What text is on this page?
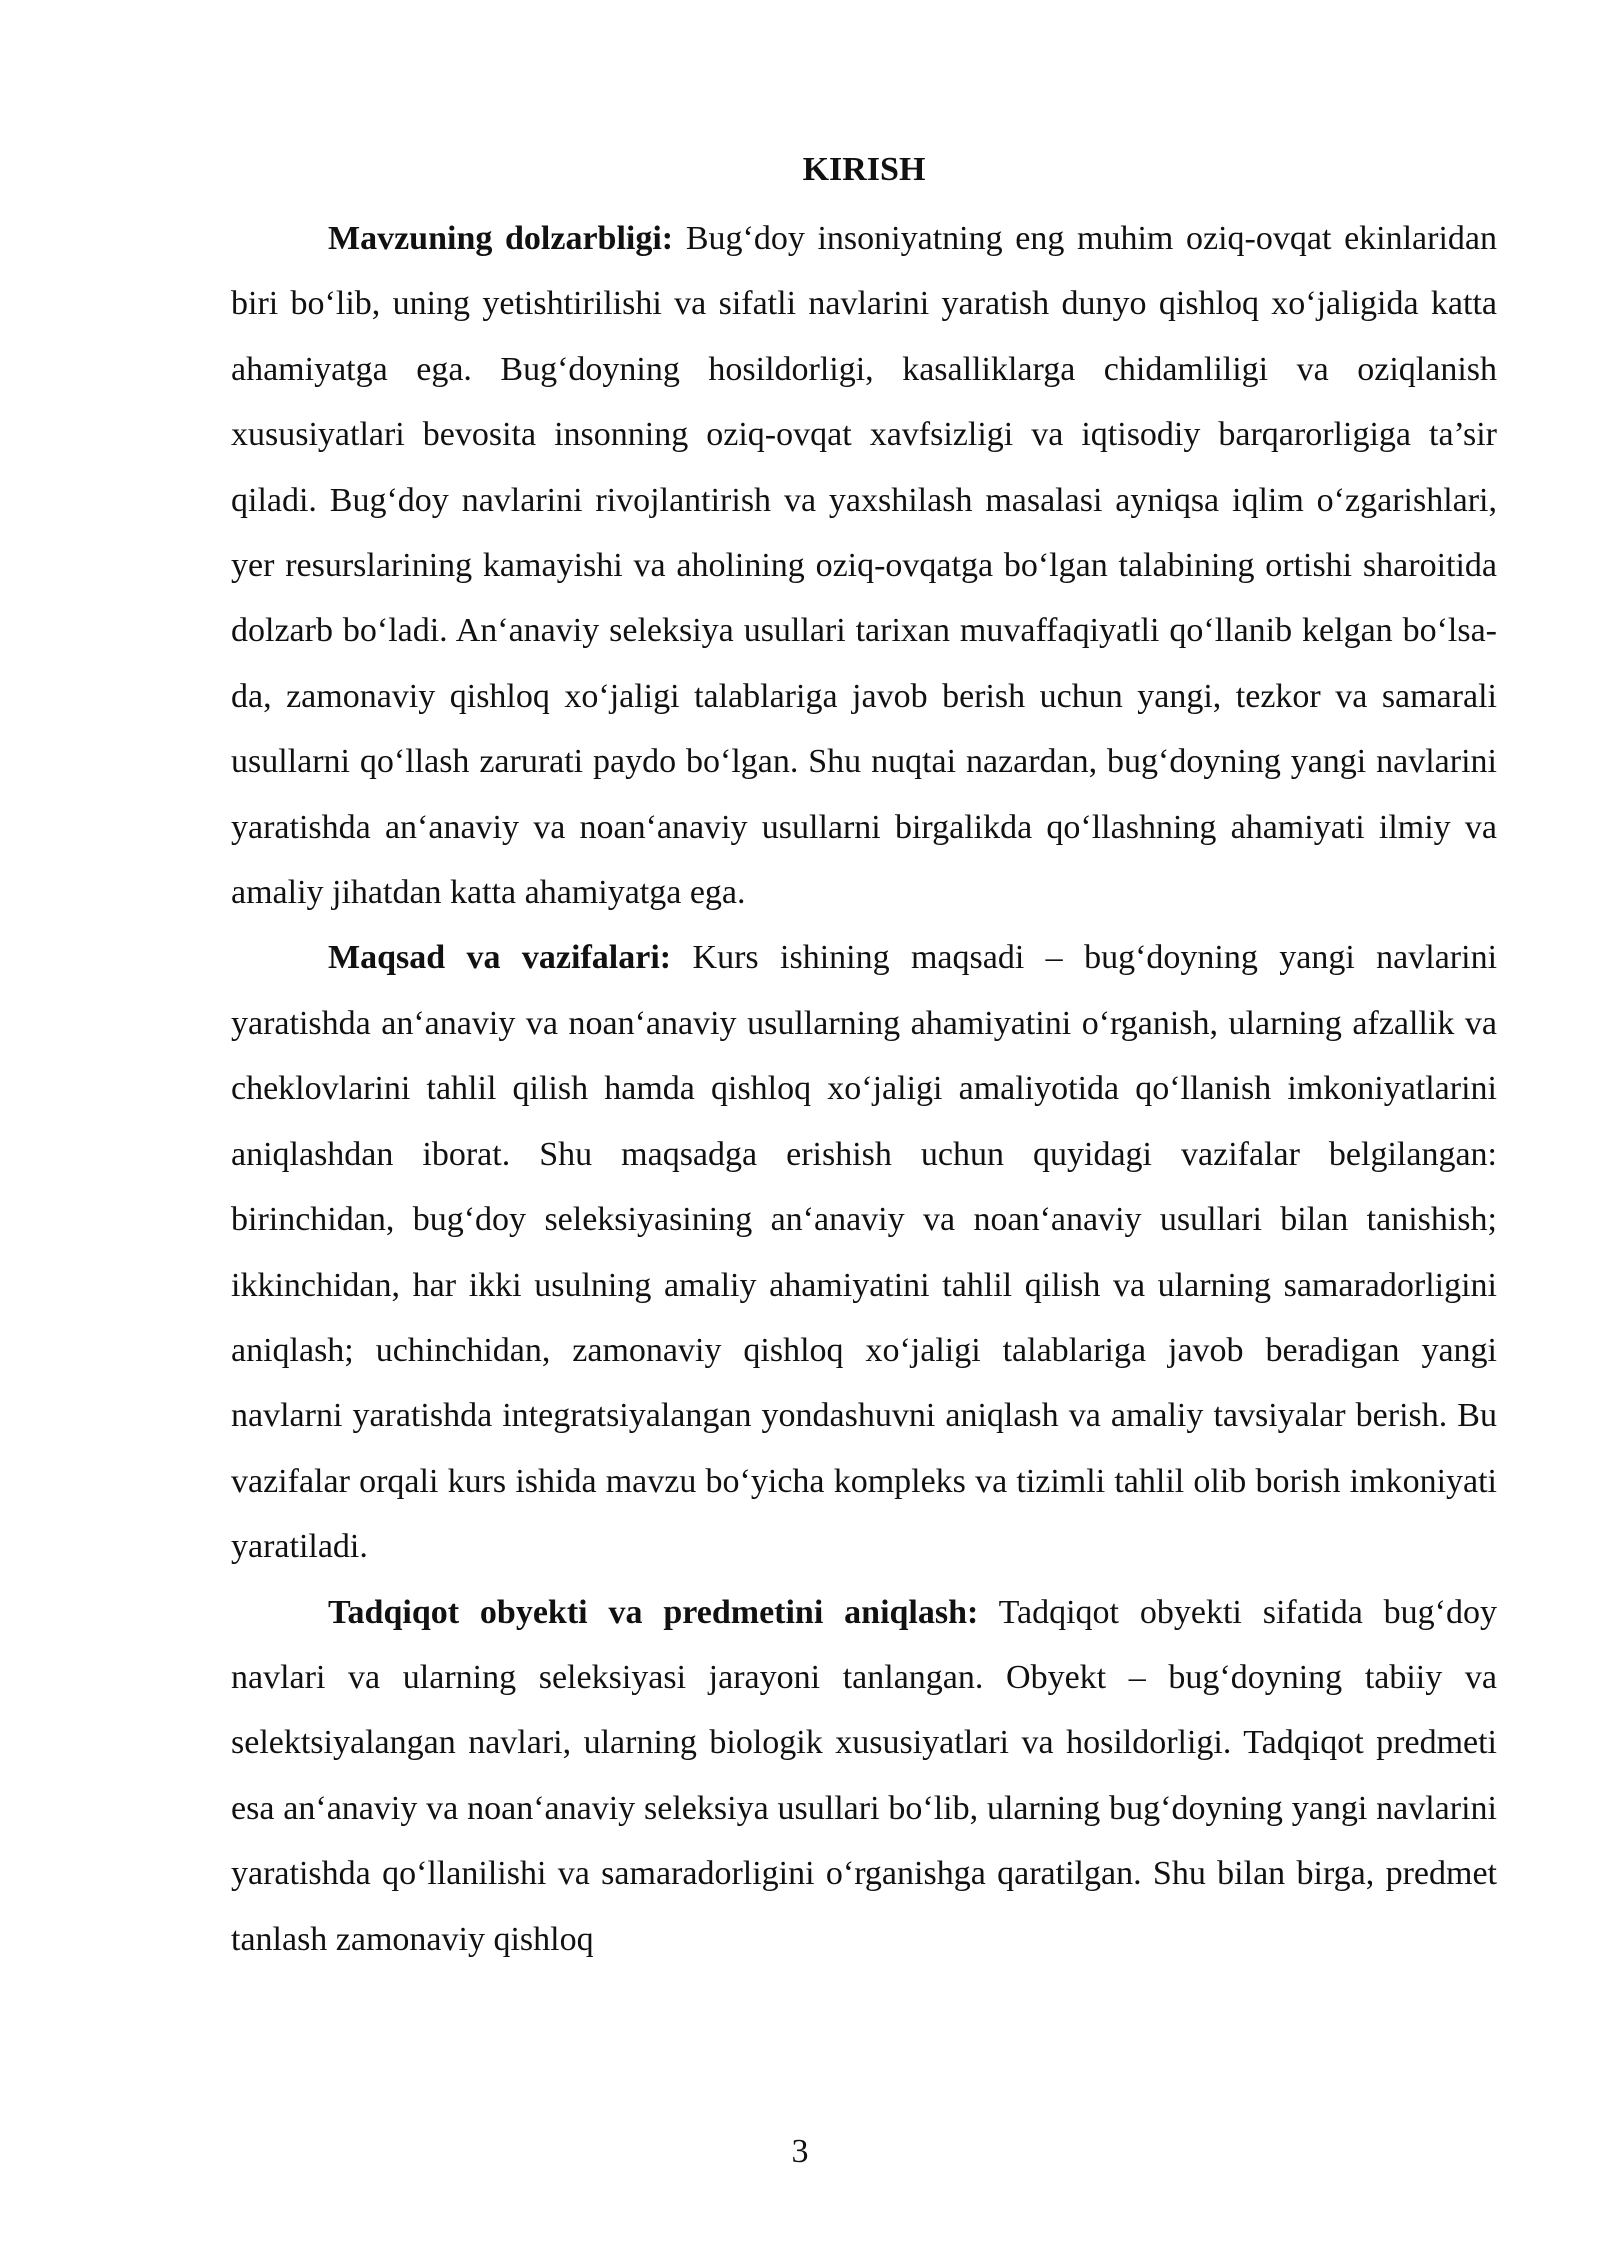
KIRISH

Mavzuning dolzarbligi: Bug‘doy insoniyatning eng muhim oziq-ovqat ekinlaridan biri bo‘lib, uning yetishtirilishi va sifatli navlarini yaratish dunyo qishloq xo‘jaligida katta ahamiyatga ega. Bug‘doyning hosildorligi, kasalliklarga chidamliligi va oziqlanish xususiyatlari bevosita insonning oziq-ovqat xavfsizligi va iqtisodiy barqarorligiga ta’sir qiladi. Bug‘doy navlarini rivojlantirish va yaxshilash masalasi ayniqsa iqlim o‘zgarishlari, yer resurslarining kamayishi va aholining oziq-ovqatga bo‘lgan talabining ortishi sharoitida dolzarb bo‘ladi. An‘anaviy seleksiya usullari tarixan muvaffaqiyatli qo‘llanib kelgan bo‘lsa-da, zamonaviy qishloq xo‘jaligi talablariga javob berish uchun yangi, tezkor va samarali usullarni qo‘llash zarurati paydo bo‘lgan. Shu nuqtai nazardan, bug‘doyning yangi navlarini yaratishda an‘anaviy va noan‘anaviy usullarni birgalikda qo‘llashning ahamiyati ilmiy va amaliy jihatdan katta ahamiyatga ega.

Maqsad va vazifalari: Kurs ishining maqsadi – bug‘doyning yangi navlarini yaratishda an‘anaviy va noan‘anaviy usullarning ahamiyatini o‘rganish, ularning afzallik va cheklovlarini tahlil qilish hamda qishloq xo‘jaligi amaliyotida qo‘llanish imkoniyatlarini aniqlashdan iborat. Shu maqsadga erishish uchun quyidagi vazifalar belgilangan: birinchidan, bug‘doy seleksiyasining an‘anaviy va noan‘anaviy usullari bilan tanishish; ikkinchidan, har ikki usulning amaliy ahamiyatini tahlil qilish va ularning samaradorligini aniqlash; uchinchidan, zamonaviy qishloq xo‘jaligi talablariga javob beradigan yangi navlarni yaratishda integratsiyalangan yondashuvni aniqlash va amaliy tavsiyalar berish. Bu vazifalar orqali kurs ishida mavzu bo‘yicha kompleks va tizimli tahlil olib borish imkoniyati yaratiladi.

Tadqiqot obyekti va predmetini aniqlash: Tadqiqot obyekti sifatida bug‘doy navlari va ularning seleksiyasi jarayoni tanlangan. Obyekt – bug‘doyning tabiiy va selektsiyalangan navlari, ularning biologik xususiyatlari va hosildorligi. Tadqiqot predmeti esa an‘anaviy va noan‘anaviy seleksiya usullari bo‘lib, ularning bug‘doyning yangi navlarini yaratishda qo‘llanilishi va samaradorligini o‘rganishga qaratilgan. Shu bilan birga, predmet tanlash zamonaviy qishloq

3
